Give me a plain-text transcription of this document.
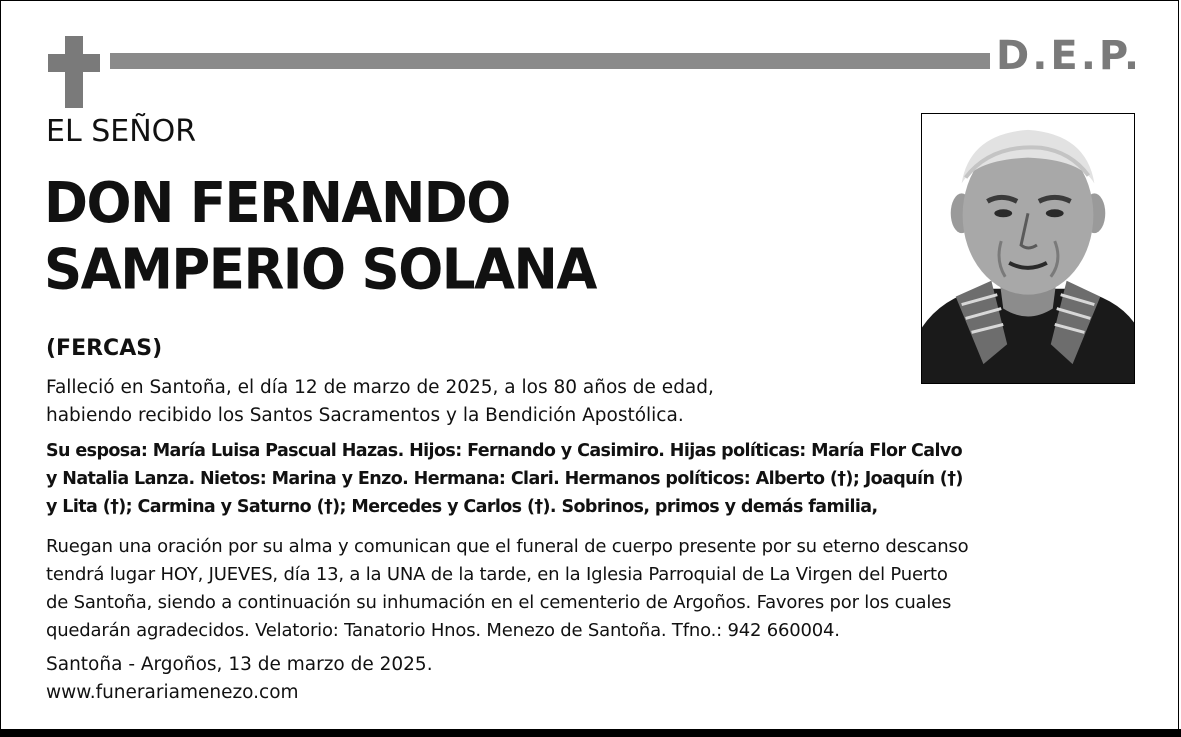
D.E.P.
EL SEÑOR
DON FERNANDO
SAMPERIO SOLANA
(FERCAS)
Falleció en Santoña, el día 12 de marzo de 2025, a los 80 años de edad,
habiendo recibido los Santos Sacramentos y la Bendición Apostólica.
Su esposa: María Luisa Pascual Hazas. Hijos: Fernando y Casimiro. Hijas políticas: María Flor Calvo
y Natalia Lanza. Nietos: Marina y Enzo. Hermana: Clari. Hermanos políticos: Alberto (†); Joaquín (†)
y Lita (†); Carmina y Saturno (†); Mercedes y Carlos (†). Sobrinos, primos y demás familia,
Ruegan una oración por su alma y comunican que el funeral de cuerpo presente por su eterno descanso
tendrá lugar HOY, JUEVES, día 13, a la UNA de la tarde, en la Iglesia Parroquial de La Virgen del Puerto
de Santoña, siendo a continuación su inhumación en el cementerio de Argoños. Favores por los cuales
quedarán agradecidos. Velatorio: Tanatorio Hnos. Menezo de Santoña. Tfno.: 942 660004.
Santoña - Argoños, 13 de marzo de 2025.
www.funerariamenezo.com
